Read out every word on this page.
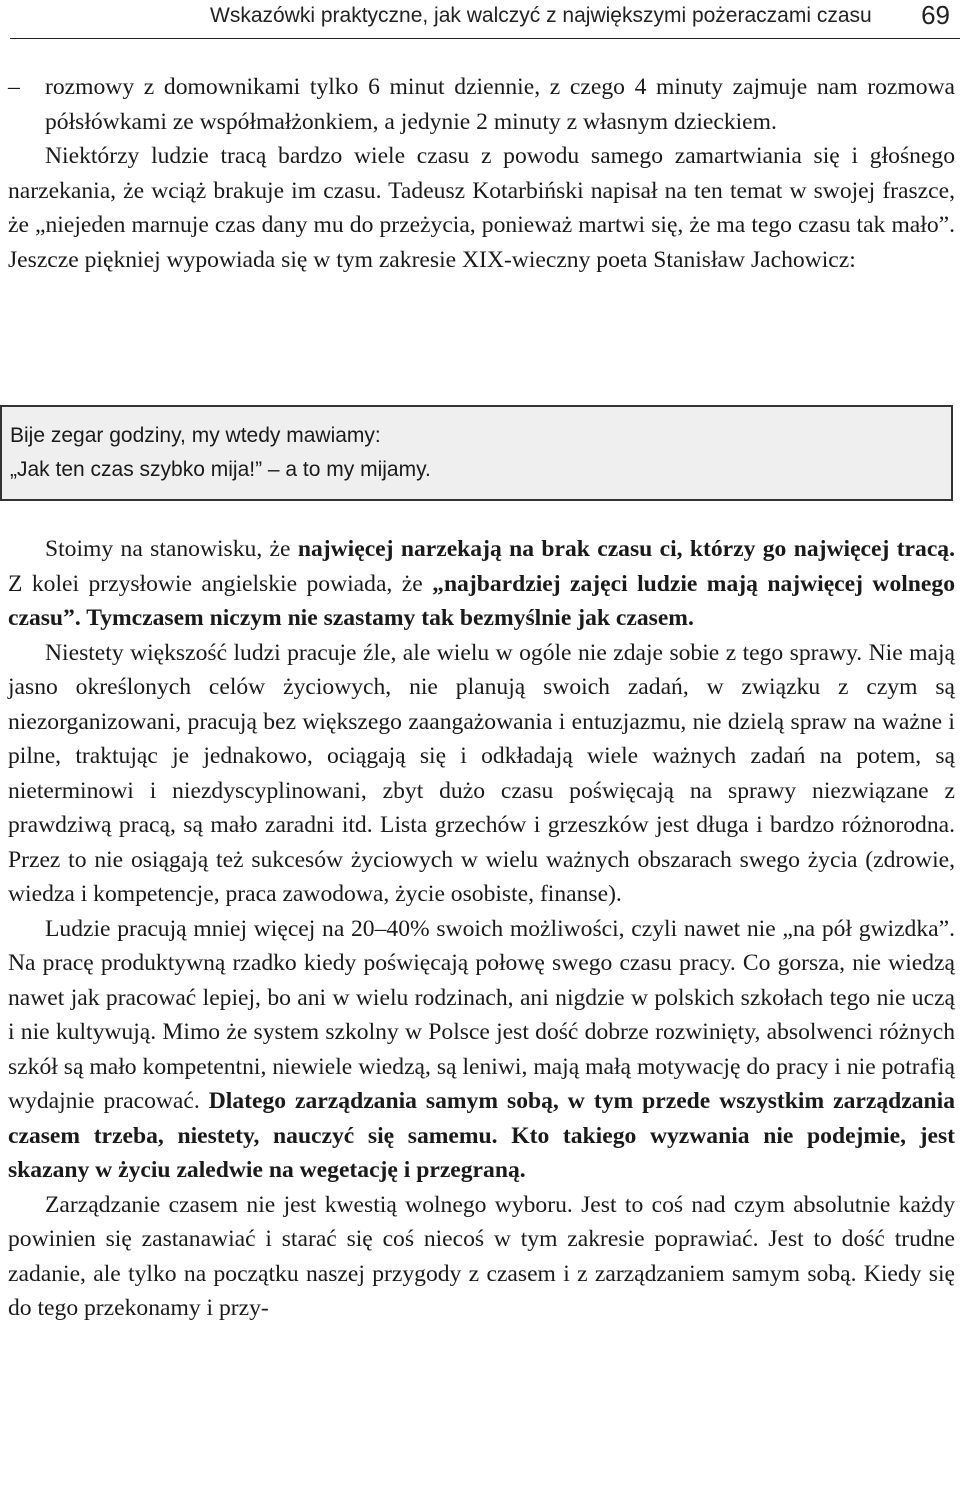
Wskazówki praktyczne, jak walczyć z największymi pożeraczami czasu 69

– rozmowy z domownikami tylko 6 minut dziennie, z czego 4 minuty zajmuje nam rozmowa półsłówkami ze współmałżonkiem, a jedynie 2 minuty z własnym dzieckiem.

Niektórzy ludzie tracą bardzo wiele czasu z powodu samego zamartwiania się i głośnego narzekania, że wciąż brakuje im czasu. Tadeusz Kotarbiński napisał na ten temat w swojej fraszce, że „niejeden marnuje czas dany mu do przeżycia, ponieważ martwi się, że ma tego czasu tak mało”. Jeszcze piękniej wypowiada się w tym zakresie XIX-wieczny poeta Stanisław Jachowicz:

Bije zegar godziny, my wtedy mawiamy:
„Jak ten czas szybko mija!” – a to my mijamy.

Stoimy na stanowisku, że najwięcej narzekają na brak czasu ci, którzy go najwięcej tracą. Z kolei przysłowie angielskie powiada, że „najbardziej zajęci ludzie mają najwięcej wolnego czasu”. Tymczasem niczym nie szastamy tak bezmyślnie jak czasem.

Niestety większość ludzi pracuje źle, ale wielu w ogóle nie zdaje sobie z tego sprawy. Nie mają jasno określonych celów życiowych, nie planują swoich zadań, w związku z czym są niezorganizowani, pracują bez większego zaangażowania i entuzjazmu, nie dzielą spraw na ważne i pilne, traktując je jednakowo, ociągają się i odkładają wiele ważnych zadań na potem, są nieterminowi i niezdyscyplinowani, zbyt dużo czasu poświęcają na sprawy niezwiązane z prawdziwą pracą, są mało zaradni itd. Lista grzechów i grzeszków jest długa i bardzo różnorodna. Przez to nie osiągają też sukcesów życiowych w wielu ważnych obszarach swego życia (zdrowie, wiedza i kompetencje, praca zawodowa, życie osobiste, finanse).

Ludzie pracują mniej więcej na 20–40% swoich możliwości, czyli nawet nie „na pół gwizdka”. Na pracę produktywną rzadko kiedy poświęcają połowę swego czasu pracy. Co gorsza, nie wiedzą nawet jak pracować lepiej, bo ani w wielu rodzinach, ani nigdzie w polskich szkołach tego nie uczą i nie kultywują. Mimo że system szkolny w Polsce jest dość dobrze rozwinięty, absolwenci różnych szkół są mało kompetentni, niewiele wiedzą, są leniwi, mają małą motywację do pracy i nie potrafią wydajnie pracować. Dlatego zarządzania samym sobą, w tym przede wszystkim zarządzania czasem trzeba, niestety, nauczyć się samemu. Kto takiego wyzwania nie podejmie, jest skazany w życiu zaledwie na wegetację i przegraną.

Zarządzanie czasem nie jest kwestią wolnego wyboru. Jest to coś nad czym absolutnie każdy powinien się zastanawiać i starać się coś niecoś w tym zakresie poprawiać. Jest to dość trudne zadanie, ale tylko na początku naszej przygody z czasem i z zarządzaniem samym sobą. Kiedy się do tego przekonamy i przy-
